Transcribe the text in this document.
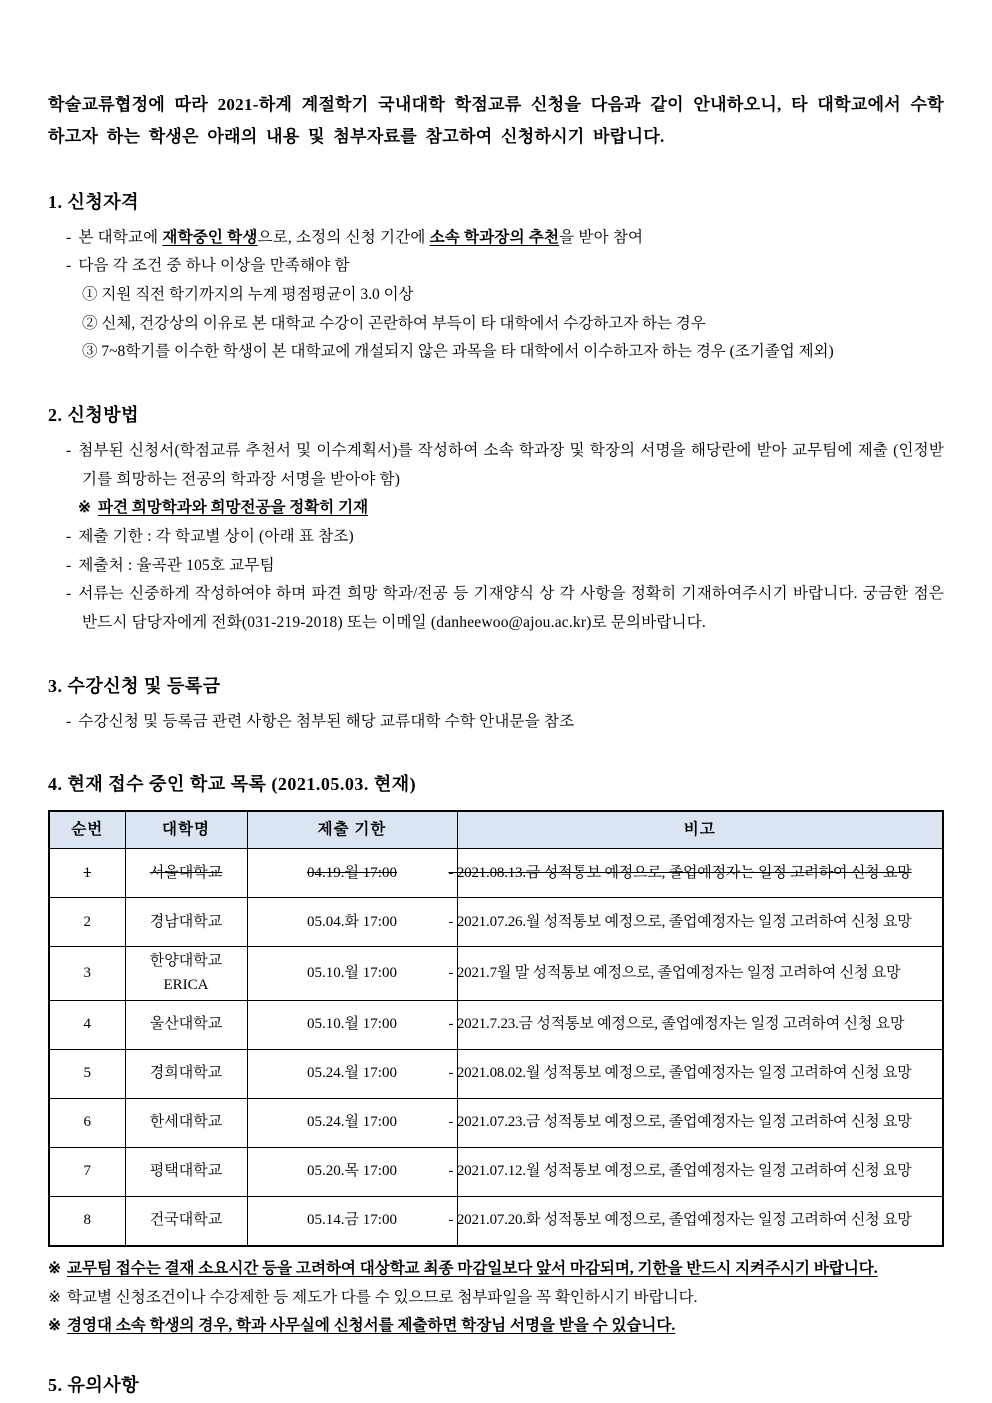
학술교류협정에 따라 2021-하계 계절학기 국내대학 학점교류 신청을 다음과 같이 안내하오니, 타 대학교에서 수학하고자 하는 학생은 아래의 내용 및 첨부자료를 참고하여 신청하시기 바랍니다.

1. 신청자격
- 본 대학교에 재학중인 학생으로, 소정의 신청 기간에 소속 학과장의 추천을 받아 참여
- 다음 각 조건 중 하나 이상을 만족해야 함
① 지원 직전 학기까지의 누계 평점평균이 3.0 이상
② 신체, 건강상의 이유로 본 대학교 수강이 곤란하여 부득이 타 대학에서 수강하고자 하는 경우
③ 7~8학기를 이수한 학생이 본 대학교에 개설되지 않은 과목을 타 대학에서 이수하고자 하는 경우 (조기졸업 제외)
2. 신청방법
- 첨부된 신청서(학점교류 추천서 및 이수계획서)를 작성하여 소속 학과장 및 학장의 서명을 해당란에 받아 교무팀에 제출 (인정받기를 희망하는 전공의 학과장 서명을 받아야 함)
※ 파견 희망학과와 희망전공을 정확히 기재
- 제출 기한 : 각 학교별 상이 (아래 표 참조)
- 제출처 : 율곡관 105호 교무팀
- 서류는 신중하게 작성하여야 하며 파견 희망 학과/전공 등 기재양식 상 각 사항을 정확히 기재하여주시기 바랍니다. 궁금한 점은 반드시 담당자에게 전화(031-219-2018) 또는 이메일 (danheewoo@ajou.ac.kr)로 문의바랍니다.
3. 수강신청 및 등록금
- 수강신청 및 등록금 관련 사항은 첨부된 해당 교류대학 수학 안내문을 참조
4. 현재 접수 중인 학교 목록 (2021.05.03. 현재)
순번	대학명	제출 기한	비고
1	서울대학교	04.19.월 17:00	- 2021.08.13.금 성적통보 예정으로, 졸업예정자는 일정 고려하여 신청 요망
2	경남대학교	05.04.화 17:00	- 2021.07.26.월 성적통보 예정으로, 졸업예정자는 일정 고려하여 신청 요망
3	한양대학교 ERICA	05.10.월 17:00	- 2021.7월 말 성적통보 예정으로, 졸업예정자는 일정 고려하여 신청 요망
4	울산대학교	05.10.월 17:00	- 2021.7.23.금 성적통보 예정으로, 졸업예정자는 일정 고려하여 신청 요망
5	경희대학교	05.24.월 17:00	- 2021.08.02.월 성적통보 예정으로, 졸업예정자는 일정 고려하여 신청 요망
6	한세대학교	05.24.월 17:00	- 2021.07.23.금 성적통보 예정으로, 졸업예정자는 일정 고려하여 신청 요망
7	평택대학교	05.20.목 17:00	- 2021.07.12.월 성적통보 예정으로, 졸업예정자는 일정 고려하여 신청 요망
8	건국대학교	05.14.금 17:00	- 2021.07.20.화 성적통보 예정으로, 졸업예정자는 일정 고려하여 신청 요망
※ 교무팀 접수는 결재 소요시간 등을 고려하여 대상학교 최종 마감일보다 앞서 마감되며, 기한을 반드시 지켜주시기 바랍니다.
※ 학교별 신청조건이나 수강제한 등 제도가 다를 수 있으므로 첨부파일을 꼭 확인하시기 바랍니다.
※ 경영대 소속 학생의 경우, 학과 사무실에 신청서를 제출하면 학장님 서명을 받을 수 있습니다.
5. 유의사항
